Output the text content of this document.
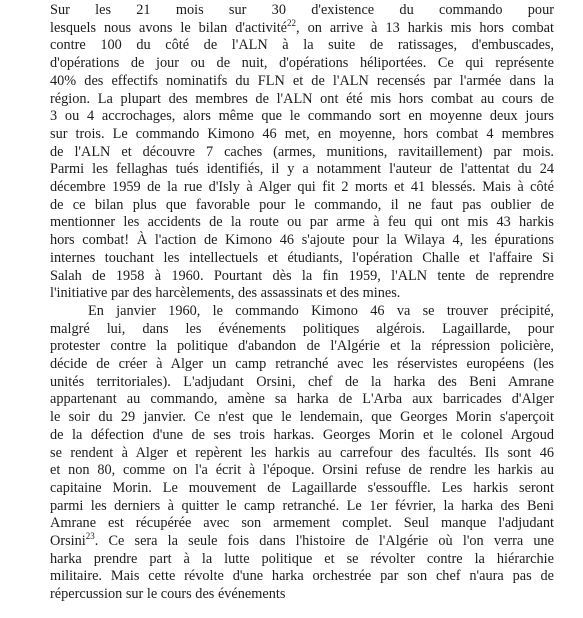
Sur les 21 mois sur 30 d'existence du commando pour
lesquels nous avons le bilan d'activité$^{22}$, on arrive à 13 harkis mis hors combat
contre 100 du côté de l'ALN à la suite de ratissages, d'embuscades,
d'opérations de jour ou de nuit, d'opérations héliportées. Ce qui représente
40% des effectifs nominatifs du FLN et de l'ALN recensés par l'armée dans la
région. La plupart des membres de l'ALN ont été mis hors combat au cours de
3 ou 4 accrochages, alors même que le commando sort en moyenne deux jours
sur trois. Le commando Kimono 46 met, en moyenne, hors combat 4 membres
de l'ALN et découvre 7 caches (armes, munitions, ravitaillement) par mois.
Parmi les fellaghas tués identifiés, il y a notamment l'auteur de l'attentat du 24
décembre 1959 de la rue d'Isly à Alger qui fit 2 morts et 41 blessés. Mais à côté
de ce bilan plus que favorable pour le commando, il ne faut pas oublier de
mentionner les accidents de la route ou par arme à feu qui ont mis 43 harkis
hors combat! À l'action de Kimono 46 s'ajoute pour la Wilaya 4, les épurations
internes touchant les intellectuels et étudiants, l'opération Challe et l'affaire Si
Salah de 1958 à 1960. Pourtant dès la fin 1959, l'ALN tente de reprendre
l'initiative par des harcèlements, des assassinats et des mines.
En janvier 1960, le commando Kimono 46 va se trouver précipité,
malgré lui, dans les événements politiques algérois. Lagaillarde, pour
protester contre la politique d'abandon de l'Algérie et la répression policière,
décide de créer à Alger un camp retranché avec les réservistes européens (les
unités territoriales). L'adjudant Orsini, chef de la harka des Beni Amrane
appartenant au commando, amène sa harka de L'Arba aux barricades d'Alger
le soir du 29 janvier. Ce n'est que le lendemain, que Georges Morin s'aperçoit
de la défection d'une de ses trois harkas. Georges Morin et le colonel Argoud
se rendent à Alger et repèrent les harkis au carrefour des facultés. Ils sont 46
et non 80, comme on l'a écrit à l'époque. Orsini refuse de rendre les harkis au
capitaine Morin. Le mouvement de Lagaillarde s'essouffle. Les harkis seront
parmi les derniers à quitter le camp retranché. Le 1er février, la harka des Beni
Amrane est récupérée avec son armement complet. Seul manque l'adjudant
Orsini$^{23}$. Ce sera la seule fois dans l'histoire de l'Algérie où l'on verra une
harka prendre part à la lutte politique et se révolter contre la hiérarchie
militaire. Mais cette révolte d'une harka orchestrée par son chef n'aura pas de
répercussion sur le cours des événements
